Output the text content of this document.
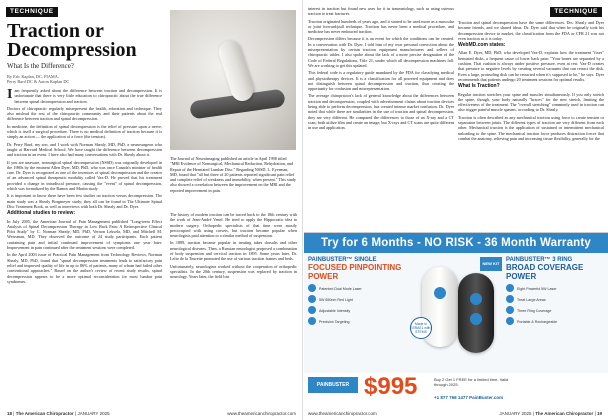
TECHNIQUE
Traction or Decompression
What Is the Difference?
By Eric Kaplan, DC, FIAMA,
Perry Bard DC & Aaron Kaplan DC
The Journal of Neuroimaging published an article in April 1998 titled "MRI Evidence of Nonsurgical, Mechanical Reduction, Rehydration, and Repair of the Herniated Lumbar Disc." Regarding NSSD, L. Eyerman, MD, found that "all but three of 20 patients reported significant pain relief and complete relief of weakness and immobility, when present." This study also showed a correlation between the improvement on the MRI and the reported improvement in pain.

Iam frequently asked about the difference between traction and decompression. It is unfortunate that there is very little education to chiropractic about the true difference between spinal decompression and traction.

Doctors of chiropractic regularly misrepresent the health, education and technique. They also mislead the rest of the chiropractic community and their patients about the real difference between traction and spinal decompression.

In medicine, the definition of spinal decompression is the relief of pressure upon a nerve, which is itself a surgical procedure. There is no medical definition of traction because it is simply an action — the application of a force (the tension).

Dr. Perry Bard, my son, and I work with Norman Shealy, MD, PhD, a neurosurgeon who taught at Harvard Medical School. We have taught the difference between decompression and traction in an event. I have also had many conversations with Dr. Shealy about it.

If you are unaware, nonsurgical spinal decompression (NSSD) was originally developed in the 1980s by the eminent Allen Dyer, MD, PhD, who was once Canada's minister of health care. Dr. Dyer is recognized as one of the inventors of spinal decompression and the creator of an advanced spinal therapeutic modality called Vax-D. He proved that his treatment provided a change in intradiscal pressure, causing the "event" of spinal decompression, which was formalized by the Ramos and Martin study.

It is important to know there have been few studies on traction versus decompression. The main study was a Shealy Borgmeyer study; they all can be found in The Ultimate Spinal Disc Treatment Book, as well as interviews with both Dr. Shealy and Dr. Dyer.

Additional studies to review:

In July 2005, the American Journal of Pain Management published "Long-term Effect Analysis of Spinal Decompression Therapy in Low Back Pain: A Retrospective Clinical Pilot Study" by C. Norman Shealy, MD, PhD, Vernon Leksela, MD, and Mitchell M. Weissman, MD. They observed the outcome of 24 study participants. Each patient containing pain and initial continued improvement of symptoms one year later. Improvement in pain continued after the treatment sessions were completed.

In the April 2003 issue of Practical Pain Management from Technology Reviews, Norman Shealy, MD, PhD, found that "spinal decompression treatments leads to satisfactory pain relief and improved quality of life in up to 86% of patients, many of whom had failed other conventional approaches." Based on the author's review of recent study results, spinal decompression appears to be a more optimal reconsideration for most lumbar pain syndromes.

The history of modern traction can be traced back to the 18th century with the work of Jean-André Venel. He tried to apply the Hippocratic idea to modern surgery. Orthopedic specialists of that time were mostly preoccupied with using corsets, but traction became popular when neurologists paid attention to a similar method of suspension.

In 1889, traction became popular in treating tabes dorsalis and other neurological diseases. Then, a Russian neurologist proposed a combination of body suspension and cervical traction in 1895. Some years later, Dr. Lelio de la Tourette promoted the use of various traction frames and beds.

Unfortunately, neurologists worked without the cooperation of orthopedic specialists. In the 20th century, suspension was replaced by traction in neurology. Years later, the field lost

18 | The American Chiropractor | JANUARY 2025	www.theamericanchiropractor.com
TECHNIQUE

interest in traction but found new uses for it in traumatology, such as using osteous traction to treat fractures.

Traction originated hundreds of years ago, and it started to be used more as a muscular or joint forward/pull technique. Traction has never been a medical procedure, and medicine has never embraced traction.

Decompression differs because it is an event for which the conditions can be created. In a conversation with Dr. Dyer, I told him of my own personal conviction about the misrepresentation by certain traction equipment manufacturers and sellers of chiropractic tables. I also spoke about the lack of a more precise designation of the Code of Federal Regulations, Title 21, under which all decompression machines fall. We are working to get this updated.

This federal code is a regulatory guide mandated by the FDA for classifying medical and physiotherapy devices. It is a classification for all powered equipment and does not distinguish between spinal decompression and traction, thus creating the opportunity for confusion and misrepresentation.

The average chiropractor's lack of general knowledge about the differences between traction and decompression, coupled with advertisement claims about traction devices being able to perform decompression, has created intense market confusion. Dr. Dyer noted that while there are similarities in the use of traction and spinal decompression, they are very different. He compared the differences to those of an X-ray and a CT scan; both utilize film and create an image, but X-rays and CT scans are quite different in use and application.

Traction and spinal decompression have the same differences. Drs. Shealy and Dyer became friends, and we shared ideas. Dr. Dyer said that when he originally took his decompression device to market, the classification from the FDA or CFR 21 was not even traction as it is today.

WebMD.com states:

Allan E. Dyer, MD, PhD, who developed Vax-D, explains how the treatment "fixes" herniated disks, a frequent cause of lower back pain: "Your bones are separated by a cushion. That cushion is always under positive pressure, even at rest. Vax-D creates that pressure to negative levels by creating several vacuums that can retract the disk. Even a large, protruding disk can be retracted when it's supposed to be," he says. Dyer recommends that patients undergo 20 treatment sessions for optimal results.

What Is Traction?

Regular traction stretches your spine and muscles simultaneously. If you only stretch the spine, though, your body naturally "braces" for the new stretch, limiting the effectiveness of the treatment. The "overall stretching" commonly used in traction can also trigger painful muscle spasms, according to Dr. Shealy.

Traction is often described as any mechanical traction using force to create tension or separation between joints. The different types of traction are very different from each other. Mechanical traction is the application of sustained or intermittent mechanical unloading to the spine. The mechanical traction force produces distraction forces that combat the anatomy, relieving pain and increasing tissue flexibility, generally for the

Try for 6 Months - NO RISK - 36 Month Warranty
PAINBUSTER™ SINGLE
FOCUSED PINPOINTING POWER
Patented Dual Mode Laser
5W 650nm Red Light
Adjustable Intensity
Precision Targeting
NEW KIT
Made in ISRAEL with STEMS
PAINBUSTER™ 3 RING
BROAD COVERAGE POWER
Eight Powerful 5W Laser
Treat Large Areas
Three Ring Coverage
Portable & Rechargeable
PAINBUSTER $995	Buy 2 Get 1 FREE for a limited time. Valid through 2025.
+1 877 768 1477 PainBuster.com
www.theamericanchiropractor.com	JANUARY 2025 | The American Chiropractor | 19
